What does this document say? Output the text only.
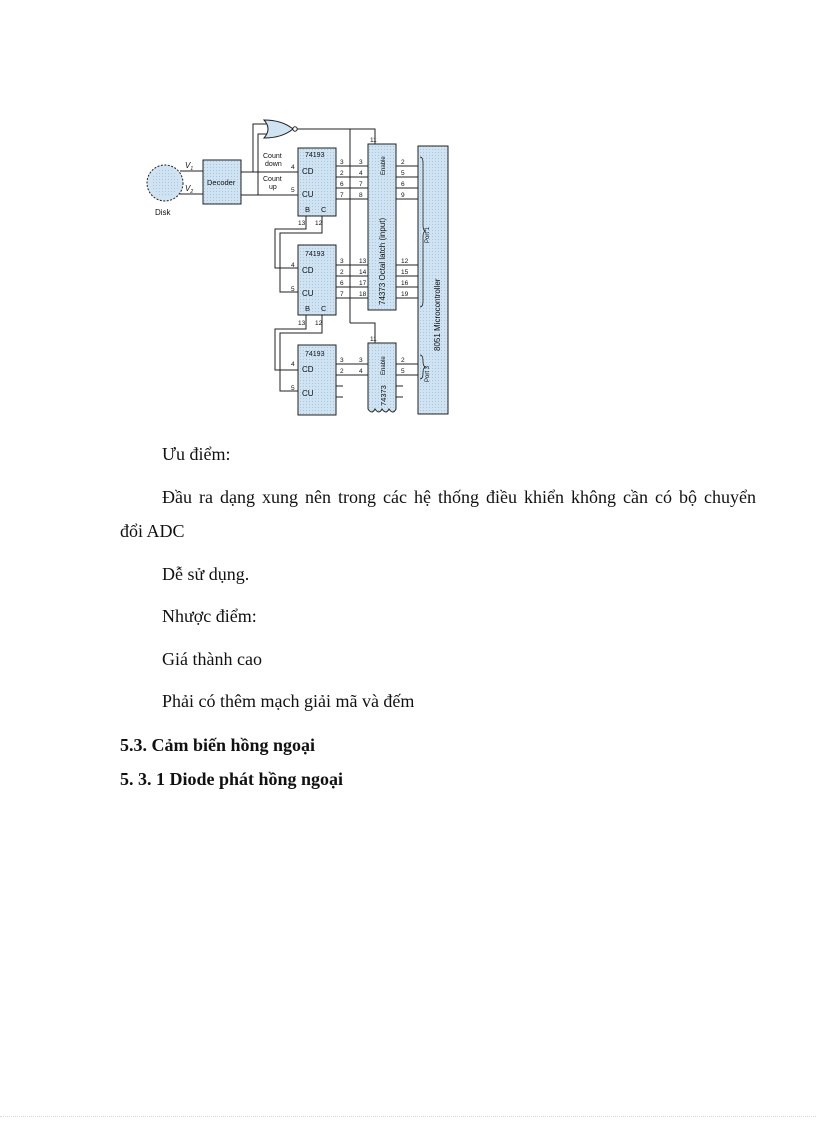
Disk
$V_1$
$V_2$
Decoder
Count
down
Count
up
11
74193
CD
CU
B C
4
5
13 12
3 3
2 4
6 7
7 8
74193
CD
CU
B C
4
5
13 12
3 13
2 14
6 17
7 18
11
74193
CD
CU
4
5
3 3
2 4
Enable
74373 Octal latch (input)
Enable
74373
8051 Microcontroller
Port 1
Port 3
2
5
6
9
12
15
16
19
2
5

Ưu điểm:

Đầu ra dạng xung nên trong các hệ thống điều khiển không cần có bộ chuyển

đổi ADC

Dễ sử dụng.

Nhược điểm:

Giá thành cao

Phải có thêm mạch giải mã và đếm

5.3. Cảm biến hồng ngoại
5. 3. 1 Diode phát hồng ngoại
